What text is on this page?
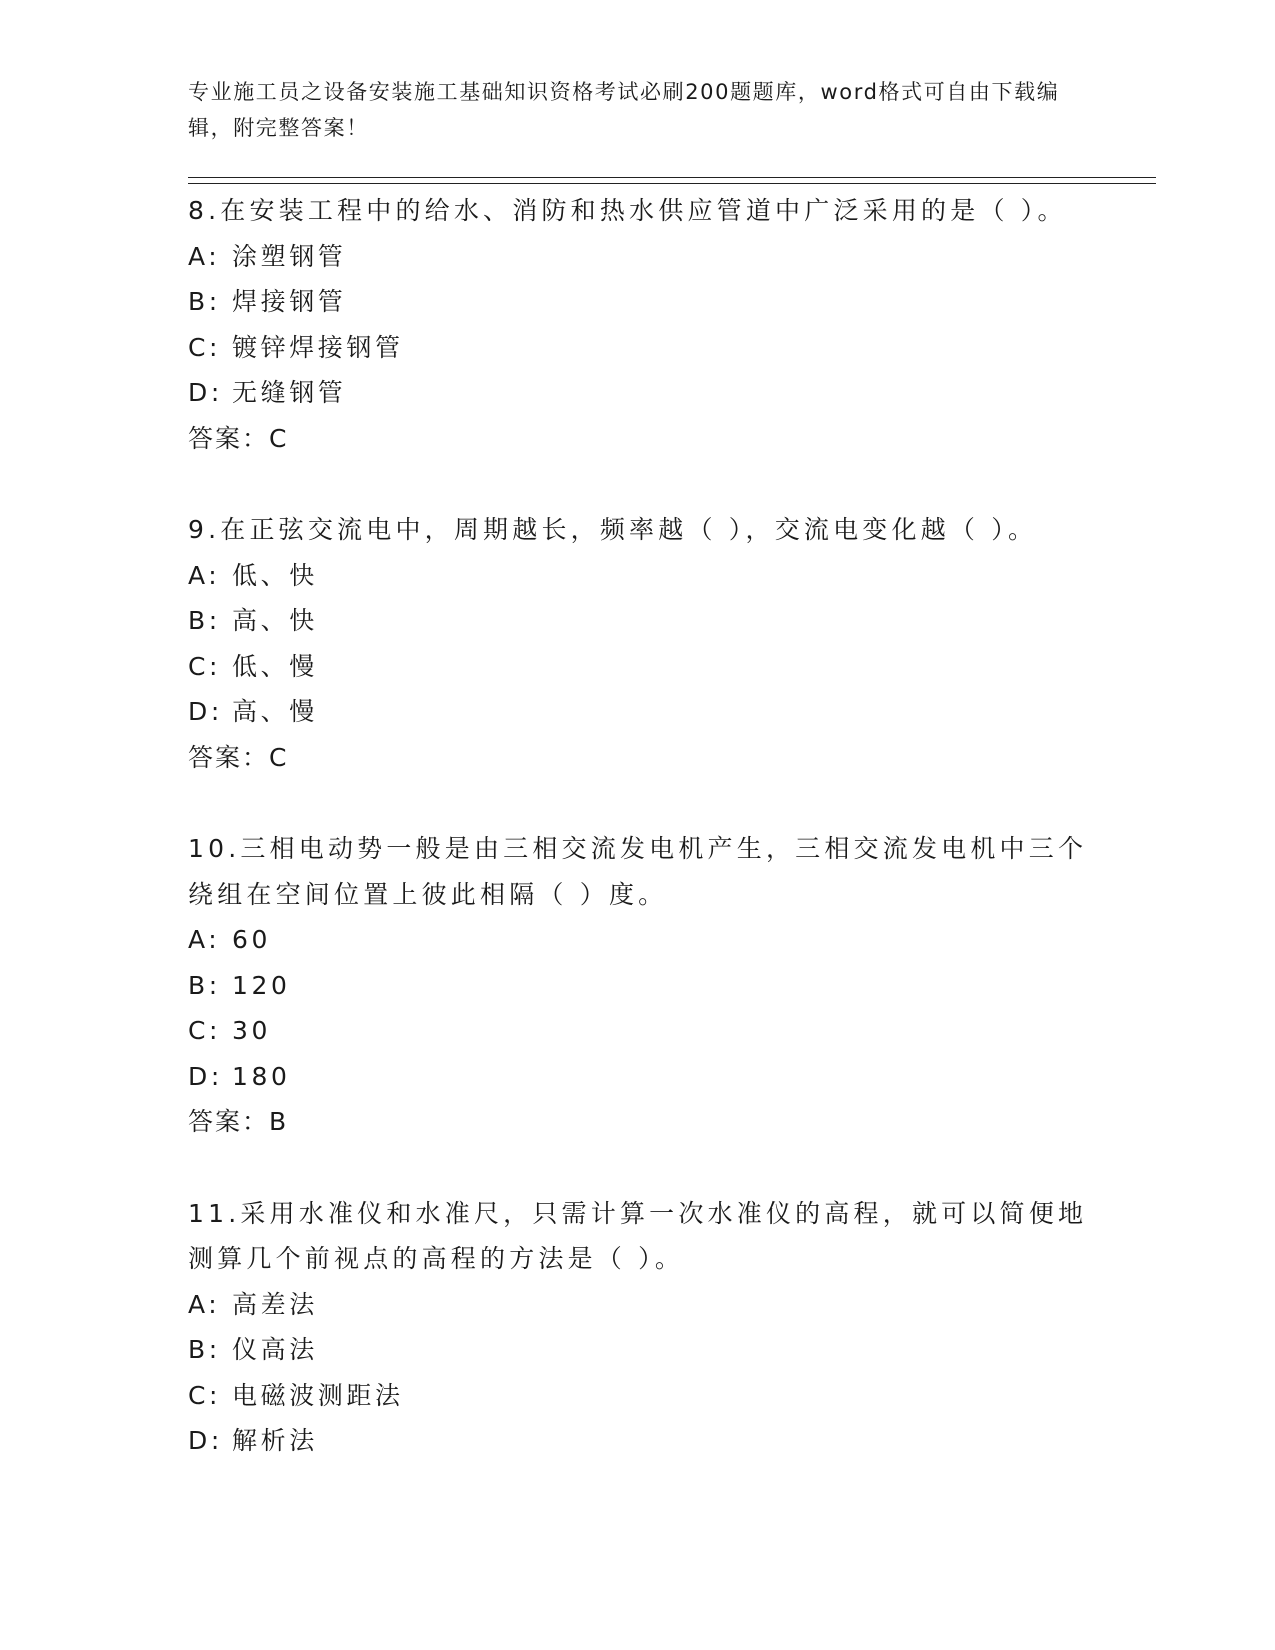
专业施工员之设备安装施工基础知识资格考试必刷200题题库，word格式可自由下载编辑，附完整答案！

8.在安装工程中的给水、消防和热水供应管道中广泛采用的是（ ）。

A: 涂塑钢管
B: 焊接钢管
C: 镀锌焊接钢管
D: 无缝钢管
答案：C

9.在正弦交流电中，周期越长，频率越（ ），交流电变化越（ ）。

A: 低、快
B: 高、快
C: 低、慢
D: 高、慢
答案：C

10.三相电动势一般是由三相交流发电机产生，三相交流发电机中三个绕组在空间位置上彼此相隔（ ）度。

A: 60
B: 120
C: 30
D: 180
答案：B

11.采用水准仪和水准尺，只需计算一次水准仪的高程，就可以简便地测算几个前视点的高程的方法是（ ）。

A: 高差法
B: 仪高法
C: 电磁波测距法
D: 解析法
